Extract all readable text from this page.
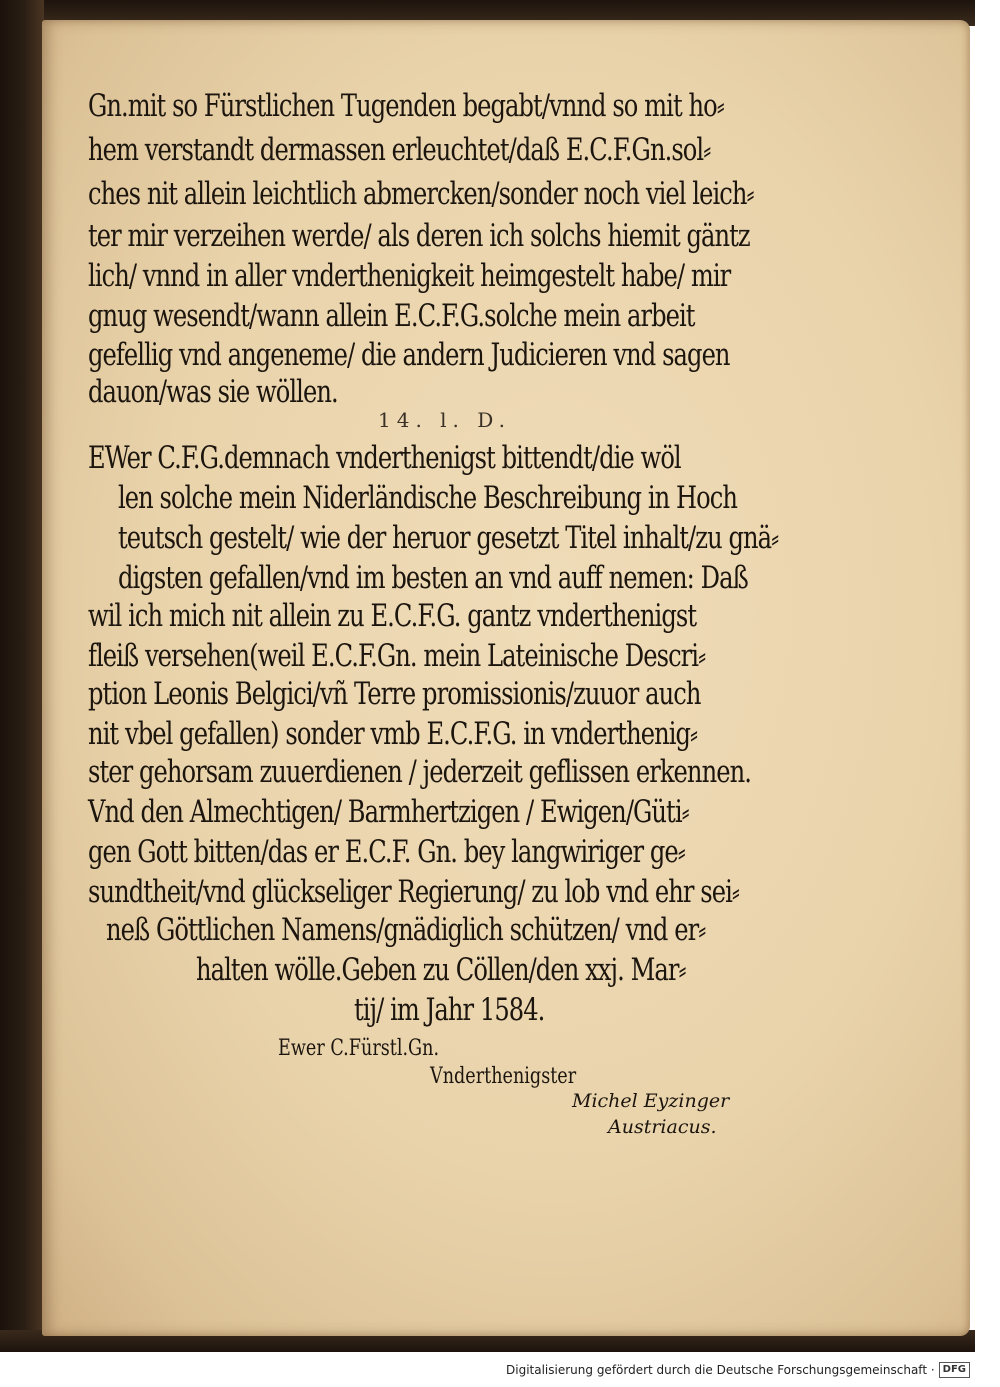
Gn.mit so Fürstlichen Tugenden begabt/vnnd so mit ho⸗
hem verstandt dermassen erleuchtet/daß E.C.F.Gn.sol⸗
ches nit allein leichtlich abmercken/sonder noch viel leich⸗
ter mir verzeihen werde/ als deren ich solchs hiemit gäntz
lich/ vnnd in aller vnderthenigkeit heimgestelt habe/ mir
gnug wesendt/wann allein E.C.F.G.solche mein arbeit
gefellig vnd angeneme/ die andern Judicieren vnd sagen
dauon/was sie wöllen.
14. l. D.
EWer C.F.G.demnach vnderthenigst bittendt/die wöl
len solche mein Niderländische Beschreibung in Hoch
teutsch gestelt/ wie der heruor gesetzt Titel inhalt/zu gnä⸗
digsten gefallen/vnd im besten an vnd auff nemen: Daß
wil ich mich nit allein zu E.C.F.G. gantz vnderthenigst
fleiß versehen(weil E.C.F.Gn. mein Lateinische Descri⸗
ption Leonis Belgici/vñ Terre promissionis/zuuor auch
nit vbel gefallen) sonder vmb E.C.F.G. in vnderthenig⸗
ster gehorsam zuuerdienen / jederzeit geflissen erkennen.
Vnd den Almechtigen/ Barmhertzigen / Ewigen/Güti⸗
gen Gott bitten/das er E.C.F. Gn. bey langwiriger ge⸗
sundtheit/vnd glückseliger Regierung/ zu lob vnd ehr sei⸗
neß Göttlichen Namens/gnädiglich schützen/ vnd er⸗
halten wölle.Geben zu Cöllen/den xxj. Mar⸗
tij/ im Jahr 1584.
Ewer C.Fürstl.Gn.
Vnderthenigster
Michel Eyzinger
Austriacus.
Digitalisierung gefördert durch die Deutsche Forschungsgemeinschaft · DFG
